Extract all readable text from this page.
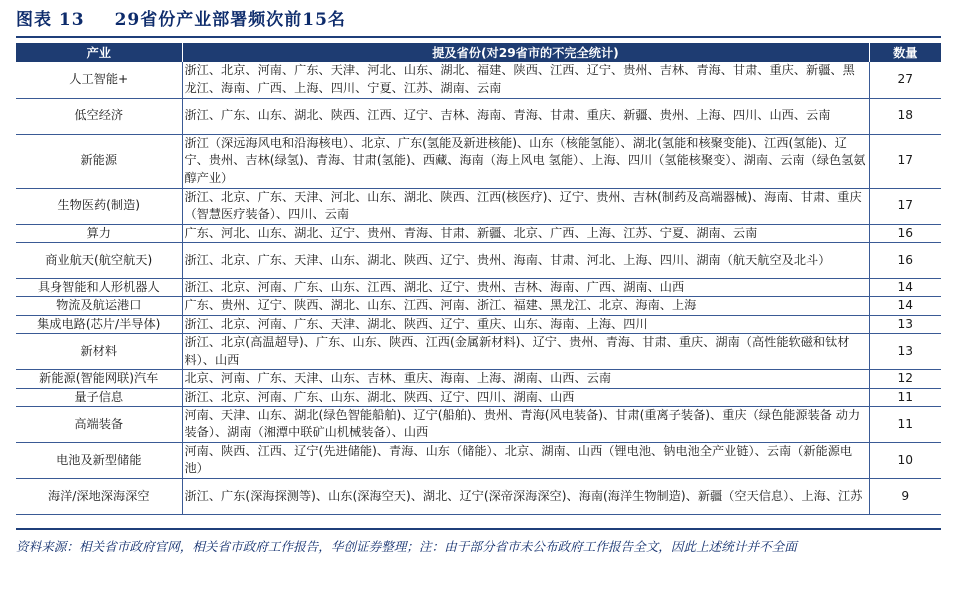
图表 13 29省份产业部署频次前15名
产业	提及省份(对29省市的不完全统计)	数量
人工智能+	浙江、北京、河南、广东、天津、河北、山东、湖北、福建、陕西、江西、辽宁、贵州、吉林、青海、甘肃、重庆、新疆、黑龙江、海南、广西、上海、四川、宁夏、江苏、湖南、云南	27
低空经济	浙江、广东、山东、湖北、陕西、江西、辽宁、吉林、海南、青海、甘肃、重庆、新疆、贵州、上海、四川、山西、云南	18
新能源	浙江（深远海风电和沿海核电）、北京、广东(氢能及新进核能)、山东（核能氢能）、湖北(氢能和核聚变能)、江西(氢能)、辽宁、贵州、吉林(绿氢)、青海、甘肃(氢能)、西藏、海南（海上风电 氢能）、上海、四川（氢能核聚变）、湖南、云南（绿色氢氨醇产业）	17
生物医药(制造)	浙江、北京、广东、天津、河北、山东、湖北、陕西、江西(核医疗)、辽宁、贵州、吉林(制药及高端器械)、海南、甘肃、重庆（智慧医疗装备）、四川、云南	17
算力	广东、河北、山东、湖北、辽宁、贵州、青海、甘肃、新疆、北京、广西、上海、江苏、宁夏、湖南、云南	16
商业航天(航空航天)	浙江、北京、广东、天津、山东、湖北、陕西、辽宁、贵州、海南、甘肃、河北、上海、四川、湖南（航天航空及北斗）	16
具身智能和人形机器人	浙江、北京、河南、广东、山东、江西、湖北、辽宁、贵州、吉林、海南、广西、湖南、山西	14
物流及航运港口	广东、贵州、辽宁、陕西、湖北、山东、江西、河南、浙江、福建、黑龙江、北京、海南、上海	14
集成电路(芯片/半导体)	浙江、北京、河南、广东、天津、湖北、陕西、辽宁、重庆、山东、海南、上海、四川	13
新材料	浙江、北京(高温超导)、广东、山东、陕西、江西(金属新材料)、辽宁、贵州、青海、甘肃、重庆、湖南（高性能软磁和钛材料）、山西	13
新能源(智能网联)汽车	北京、河南、广东、天津、山东、吉林、重庆、海南、上海、湖南、山西、云南	12
量子信息	浙江、北京、河南、广东、山东、湖北、陕西、辽宁、四川、湖南、山西	11
高端装备	河南、天津、山东、湖北(绿色智能船舶)、辽宁(船舶)、贵州、青海(风电装备)、甘肃(重离子装备)、重庆（绿色能源装备 动力装备）、湖南（湘潭中联矿山机械装备）、山西	11
电池及新型储能	河南、陕西、江西、辽宁(先进储能)、青海、山东（储能）、北京、湖南、山西（锂电池、钠电池全产业链）、云南（新能源电池）	10
海洋/深地深海深空	浙江、广东(深海探测等)、山东(深海空天)、湖北、辽宁(深帝深海深空)、海南(海洋生物制造)、新疆（空天信息）、上海、江苏	9
资料来源：相关省市政府官网，相关省市政府工作报告，华创证券整理；注：由于部分省市未公布政府工作报告全文，因此上述统计并不全面
